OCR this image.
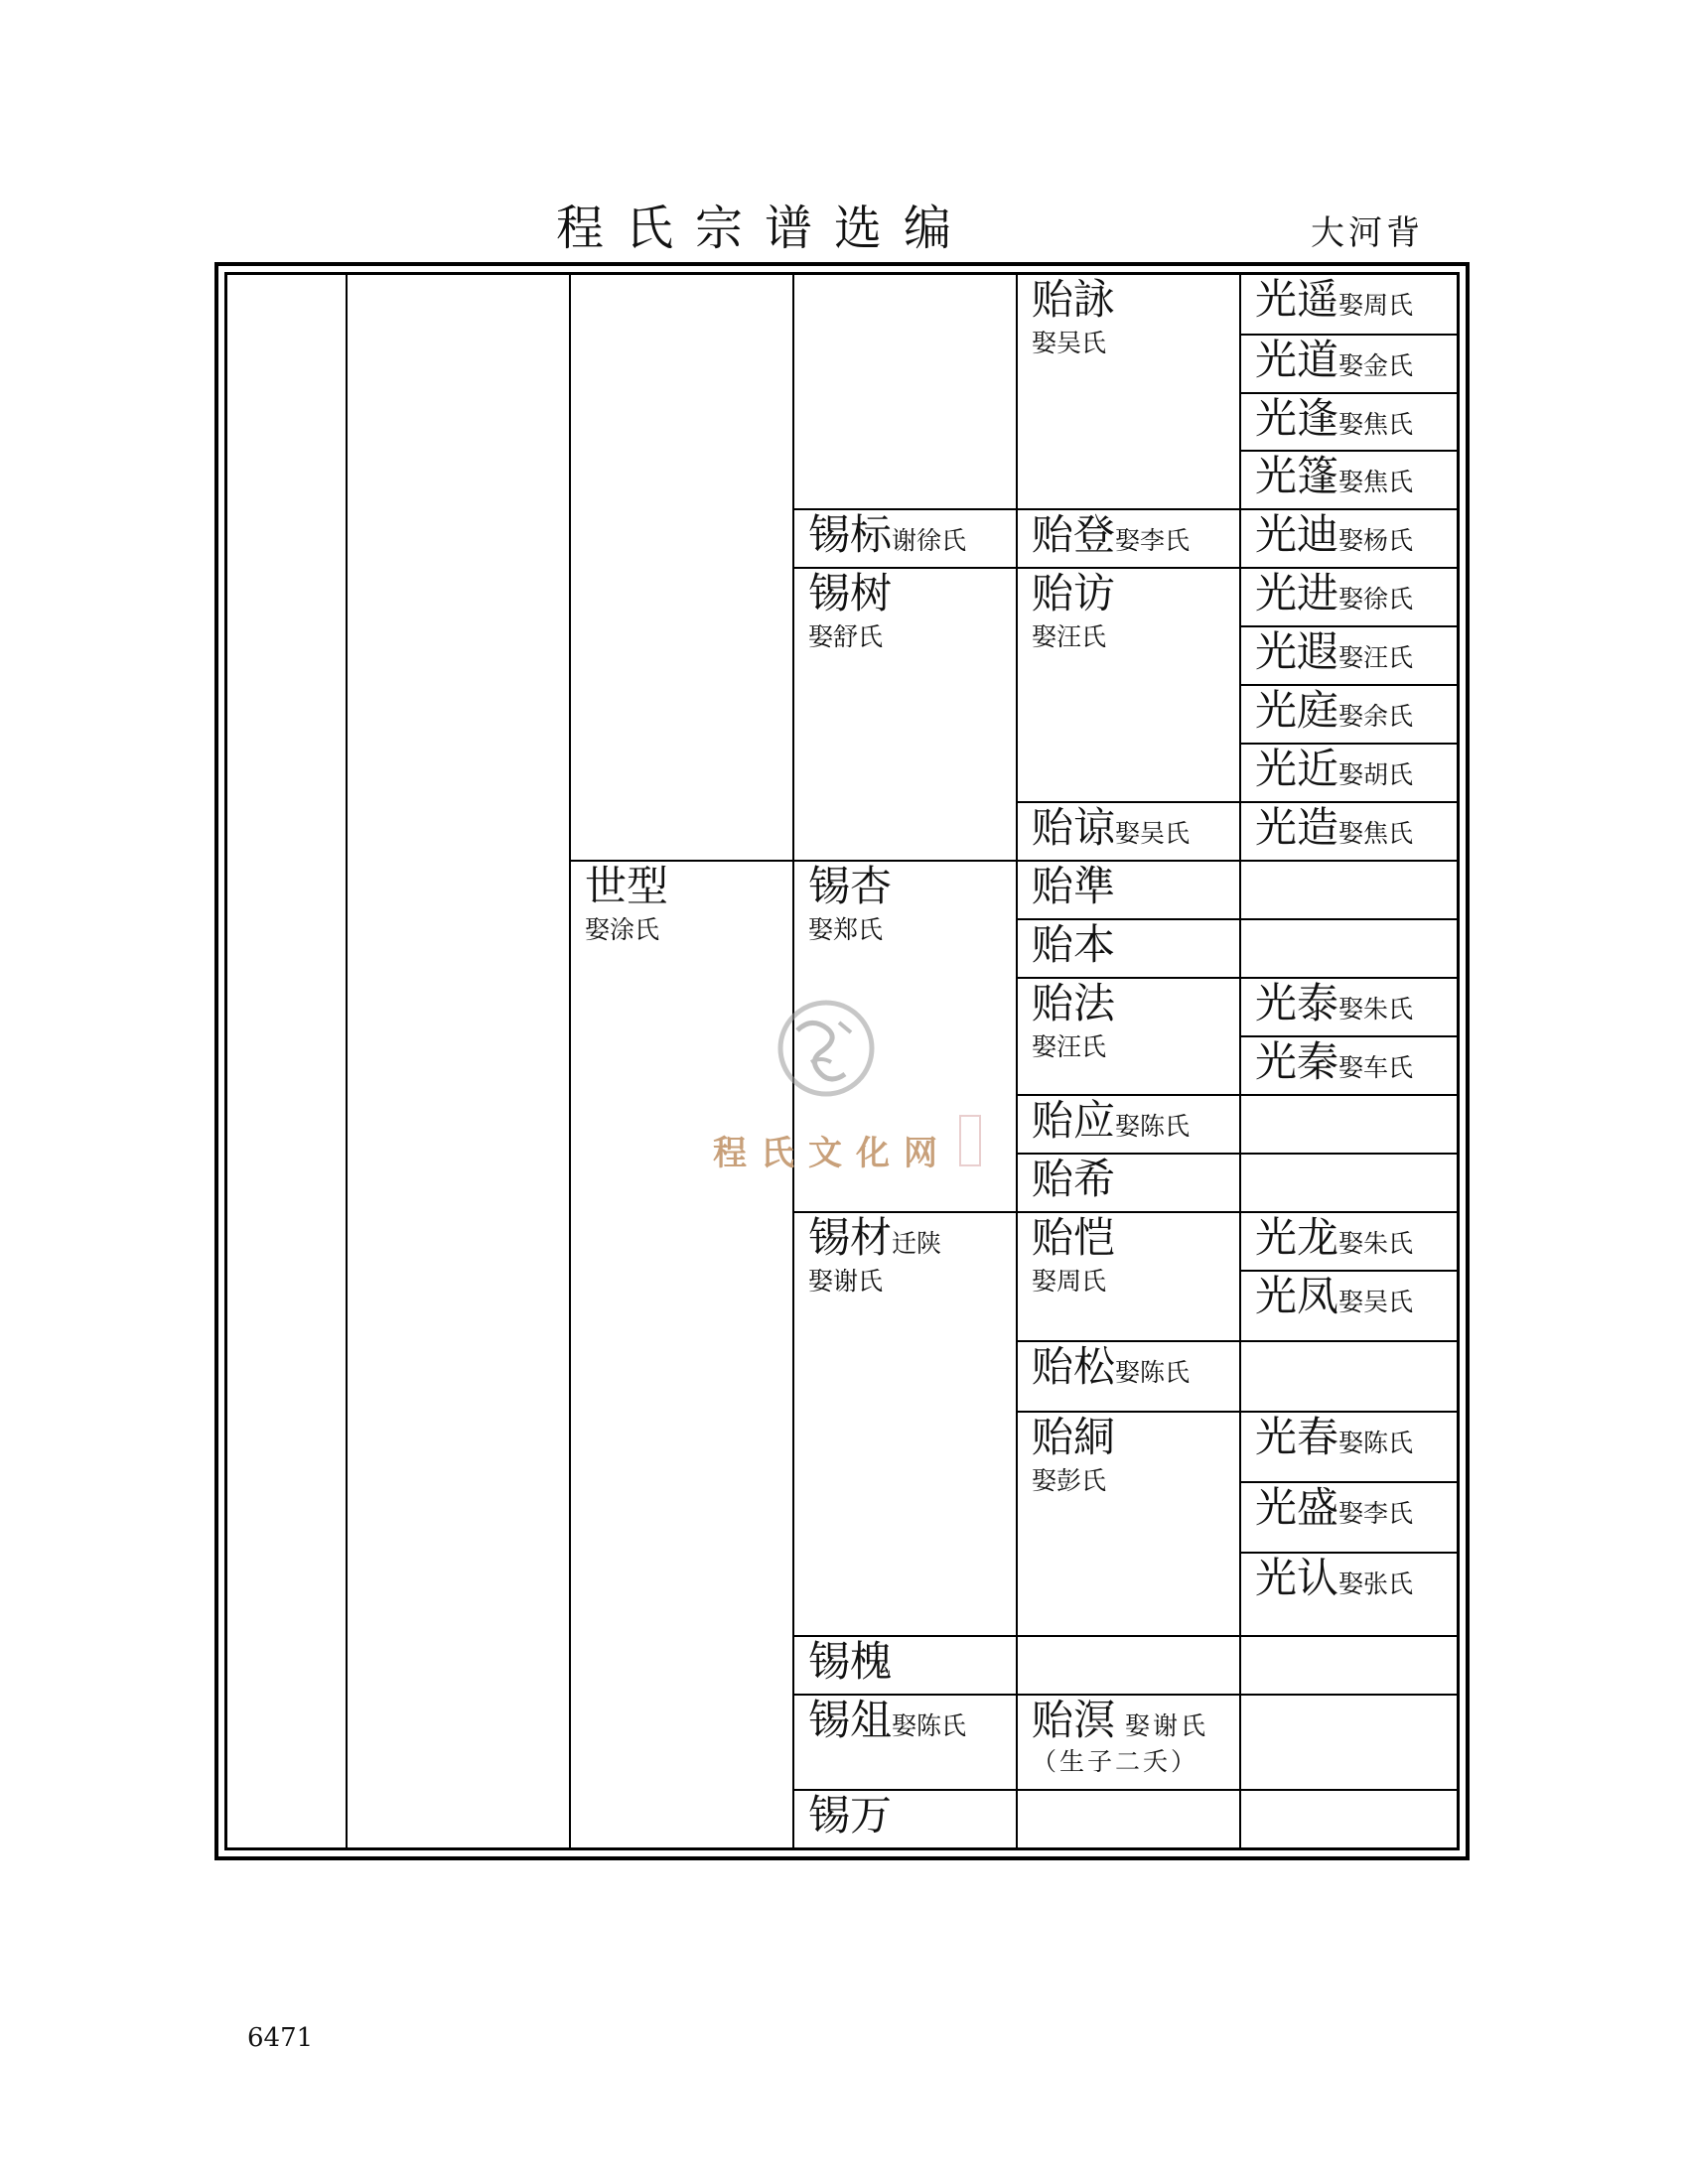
程氏宗谱选编	大河背
世型
娶涂氏
锡标谢徐氏
锡树
娶舒氏
锡杏
娶郑氏
锡材迁陕
娶谢氏
锡槐
锡俎娶陈氏
锡万
贻詠
娶吴氏
贻登娶李氏
贻访
娶汪氏
贻谅娶吴氏
贻準
贻本
贻法
娶汪氏
贻应娶陈氏
贻希
贻恺
娶周氏
贻松娶陈氏
贻絧
娶彭氏
贻溟 娶谢氏
（生子二夭）
光遥娶周氏
光道娶金氏
光逢娶焦氏
光篷娶焦氏
光迪娶杨氏
光进娶徐氏
光遐娶汪氏
光庭娶余氏
光近娶胡氏
光造娶焦氏
光泰娶朱氏
光秦娶车氏
光龙娶朱氏
光凤娶吴氏
光春娶陈氏
光盛娶李氏
光认娶张氏
程氏文化网
6471
